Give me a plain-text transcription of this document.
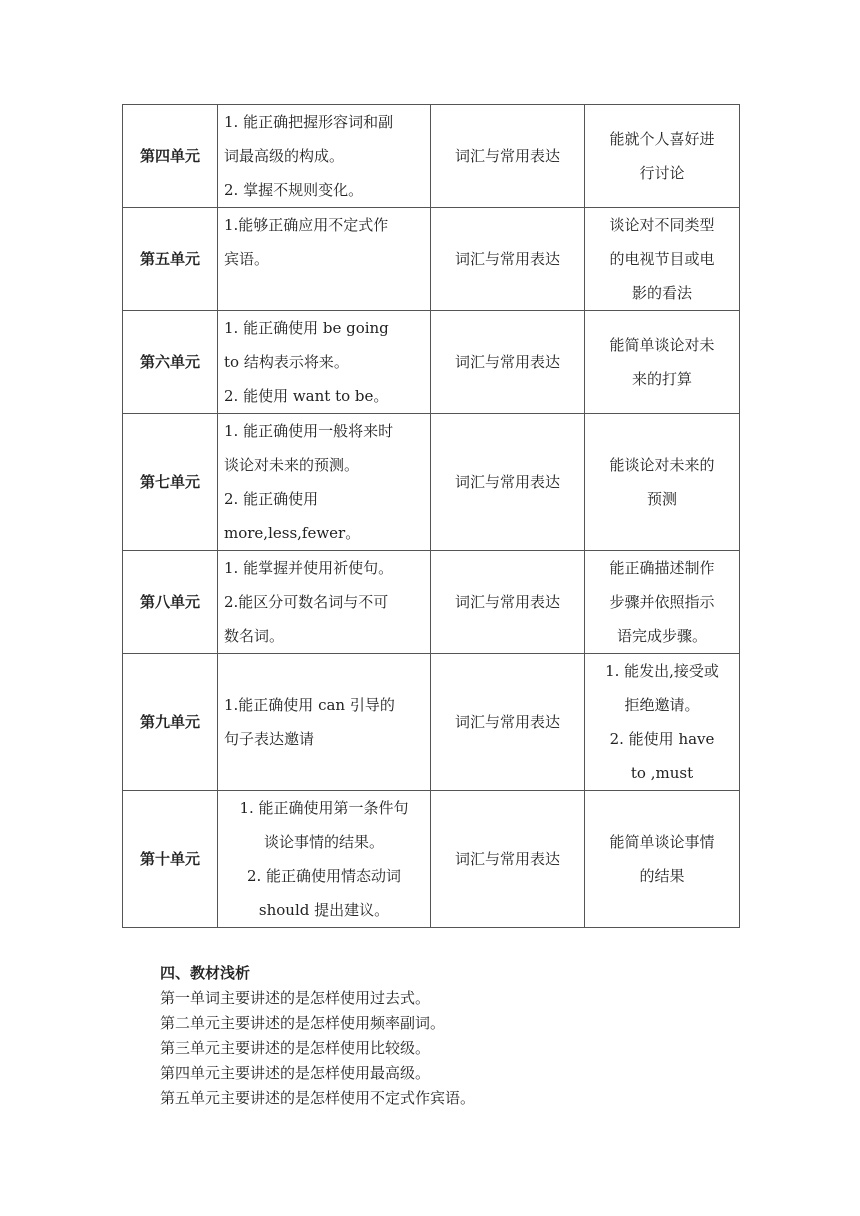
第四单元	1. 能正确把握形容词和副
词最高级的构成。
2. 掌握不规则变化。	词汇与常用表达	能就个人喜好进
行讨论

第五单元	1.能够正确应用不定式作
宾语。	词汇与常用表达	谈论对不同类型
的电视节目或电
影的看法

第六单元	1. 能正确使用 be going
to 结构表示将来。
2. 能使用 want to be。	词汇与常用表达	能简单谈论对未
来的打算

第七单元	1. 能正确使用一般将来时
谈论对未来的预测。
2. 能正确使用
more,less,fewer。	词汇与常用表达	能谈论对未来的
预测

第八单元	1. 能掌握并使用祈使句。
2.能区分可数名词与不可
数名词。	词汇与常用表达	能正确描述制作
步骤并依照指示
语完成步骤。

第九单元	1.能正确使用 can 引导的
句子表达邀请	词汇与常用表达	1. 能发出,接受或
拒绝邀请。
2. 能使用 have
to ,must

第十单元	1. 能正确使用第一条件句
谈论事情的结果。
2. 能正确使用情态动词
should 提出建议。	词汇与常用表达	能简单谈论事情
的结果
四、教材浅析

第一单词主要讲述的是怎样使用过去式。

第二单元主要讲述的是怎样使用频率副词。

第三单元主要讲述的是怎样使用比较级。

第四单元主要讲述的是怎样使用最高级。

第五单元主要讲述的是怎样使用不定式作宾语。
